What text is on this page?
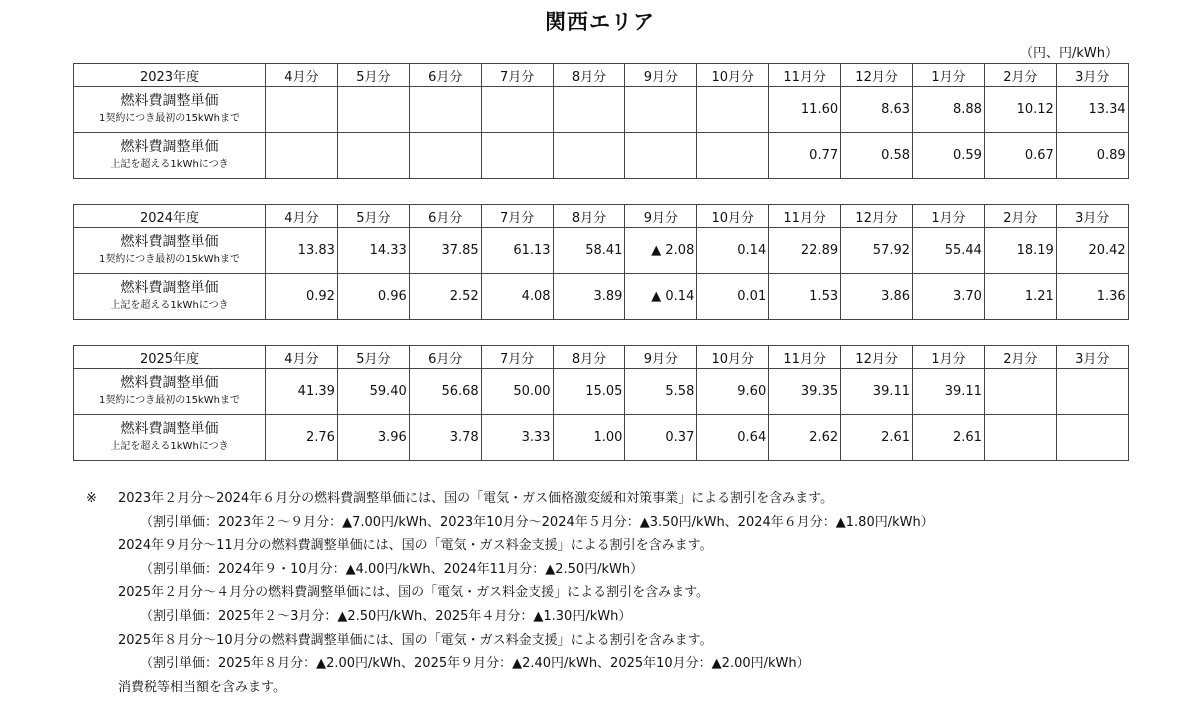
関西エリア
（円、円/kWh）
2023年度	4月分	5月分	6月分	7月分	8月分	9月分	10月分	11月分	12月分	1月分	2月分	3月分

燃料費調整単価
1契約につき最初の15kWhまで								11.60	8.63	8.88	10.12	13.34

燃料費調整単価
上記を超える1kWhにつき								0.77	0.58	0.59	0.67	0.89
2024年度	4月分	5月分	6月分	7月分	8月分	9月分	10月分	11月分	12月分	1月分	2月分	3月分

燃料費調整単価
1契約につき最初の15kWhまで	13.83	14.33	37.85	61.13	58.41	▲ 2.08	0.14	22.89	57.92	55.44	18.19	20.42

燃料費調整単価
上記を超える1kWhにつき	0.92	0.96	2.52	4.08	3.89	▲ 0.14	0.01	1.53	3.86	3.70	1.21	1.36
2025年度	4月分	5月分	6月分	7月分	8月分	9月分	10月分	11月分	12月分	1月分	2月分	3月分

燃料費調整単価
1契約につき最初の15kWhまで	41.39	59.40	56.68	50.00	15.05	5.58	9.60	39.35	39.11	39.11		

燃料費調整単価
上記を超える1kWhにつき	2.76	3.96	3.78	3.33	1.00	0.37	0.64	2.62	2.61	2.61		
※ 2023年２月分～2024年６月分の燃料費調整単価には、国の「電気・ガス価格激変緩和対策事業」による割引を含みます。
（割引単価：2023年２～９月分：▲7.00円/kWh、2023年10月分～2024年５月分：▲3.50円/kWh、2024年６月分：▲1.80円/kWh）
2024年９月分～11月分の燃料費調整単価には、国の「電気・ガス料金支援」による割引を含みます。
（割引単価：2024年９・10月分：▲4.00円/kWh、2024年11月分：▲2.50円/kWh）
2025年２月分～４月分の燃料費調整単価には、国の「電気・ガス料金支援」による割引を含みます。
（割引単価：2025年２～3月分：▲2.50円/kWh、2025年４月分：▲1.30円/kWh）
2025年８月分～10月分の燃料費調整単価には、国の「電気・ガス料金支援」による割引を含みます。
（割引単価：2025年８月分：▲2.00円/kWh、2025年９月分：▲2.40円/kWh、2025年10月分：▲2.00円/kWh）
消費税等相当額を含みます。
